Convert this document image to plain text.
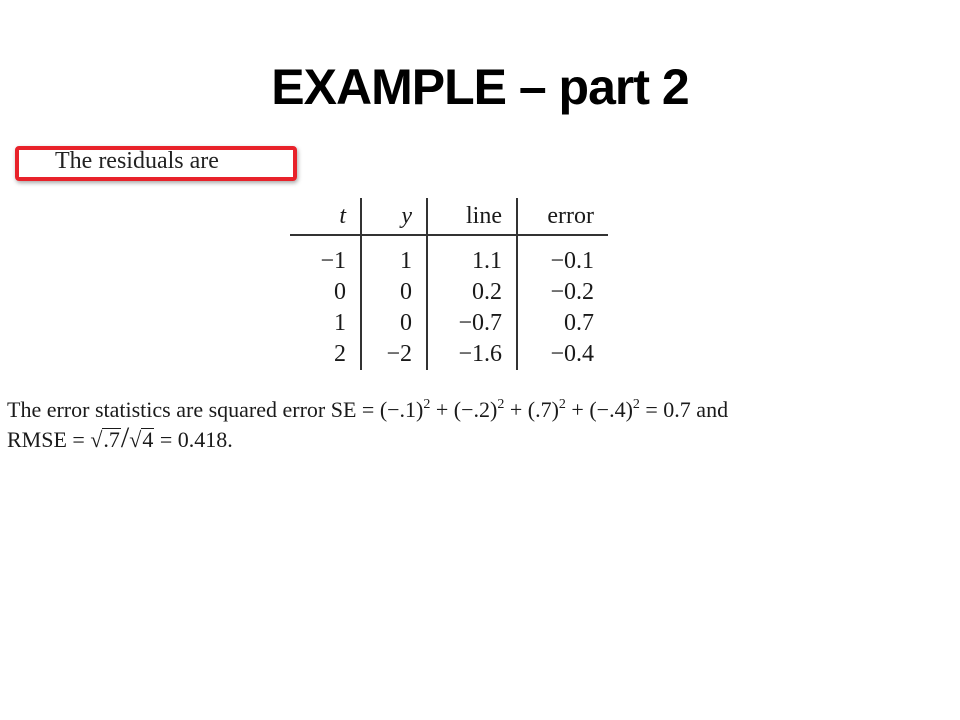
EXAMPLE – part 2
The residuals are
t	y	line	error
−1	1	1.1	−0.1
0	0	0.2	−0.2
1	0	−0.7	0.7
2	−2	−1.6	−0.4
The error statistics are squared error SE = $(-.1)^2 + (-.2)^2 + (.7)^2 + (-.4)^2 = 0.7$ and
RMSE = √.7/√4 = 0.418.
